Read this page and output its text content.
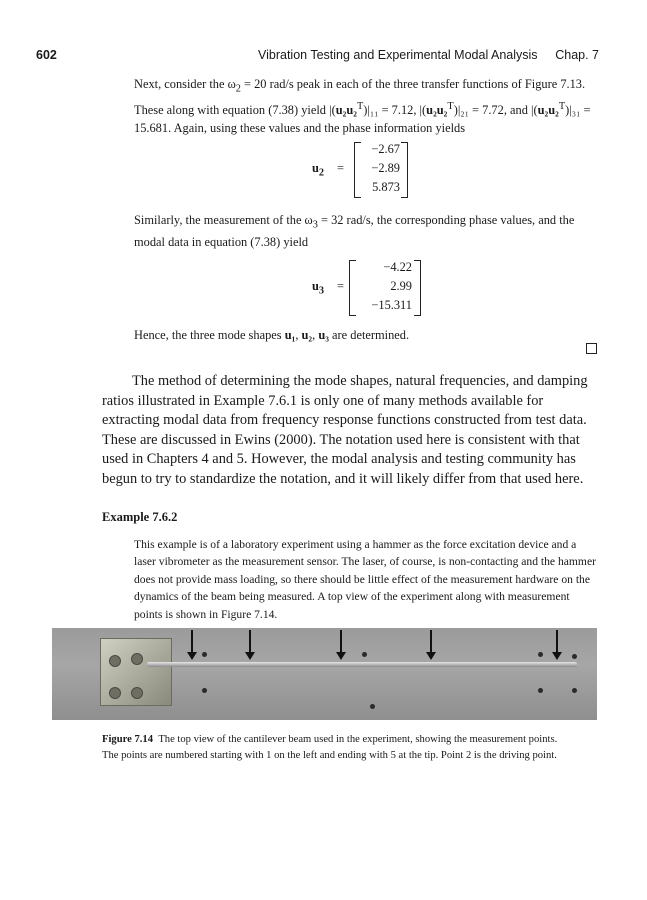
602	Vibration Testing and Experimental Modal Analysis Chap. 7
Next, consider the $\omega_2 = 20$ rad/s peak in each of the three transfer functions of Figure 7.13. These along with equation (7.38) yield |(u₂u₂$^T$)|₁₁ = 7.12, |(u₂u₂$^T$)|₂₁ = 7.72, and |(u₂u₂$^T$)|₃₁ = 15.681. Again, using these values and the phase information yields
$u_2$ =
−2.67
−2.89
5.873
Similarly, the measurement of the $\omega_3 = 32$ rad/s, the corresponding phase values, and the modal data in equation (7.38) yield
$u_3$ =
−4.22
2.99
−15.311
Hence, the three mode shapes u₁, u₂, u₃ are determined.
The method of determining the mode shapes, natural frequencies, and damping ratios illustrated in Example 7.6.1 is only one of many methods available for extracting modal data from frequency response functions constructed from test data. These are discussed in Ewins (2000). The notation used here is consistent with that used in Chapters 4 and 5. However, the modal analysis and testing community has begun to try to standardize the notation, and it will likely differ from that used here.
Example 7.6.2
This example is of a laboratory experiment using a hammer as the force excitation device and a laser vibrometer as the measurement sensor. The laser, of course, is non-contacting and the hammer does not provide mass loading, so there should be little effect of the measurement hardware on the dynamics of the beam being measured. A top view of the experiment along with measurement points is shown in Figure 7.14.
Figure 7.14 The top view of the cantilever beam used in the experiment, showing the measurement points. The points are numbered starting with 1 on the left and ending with 5 at the tip. Point 2 is the driving point.
